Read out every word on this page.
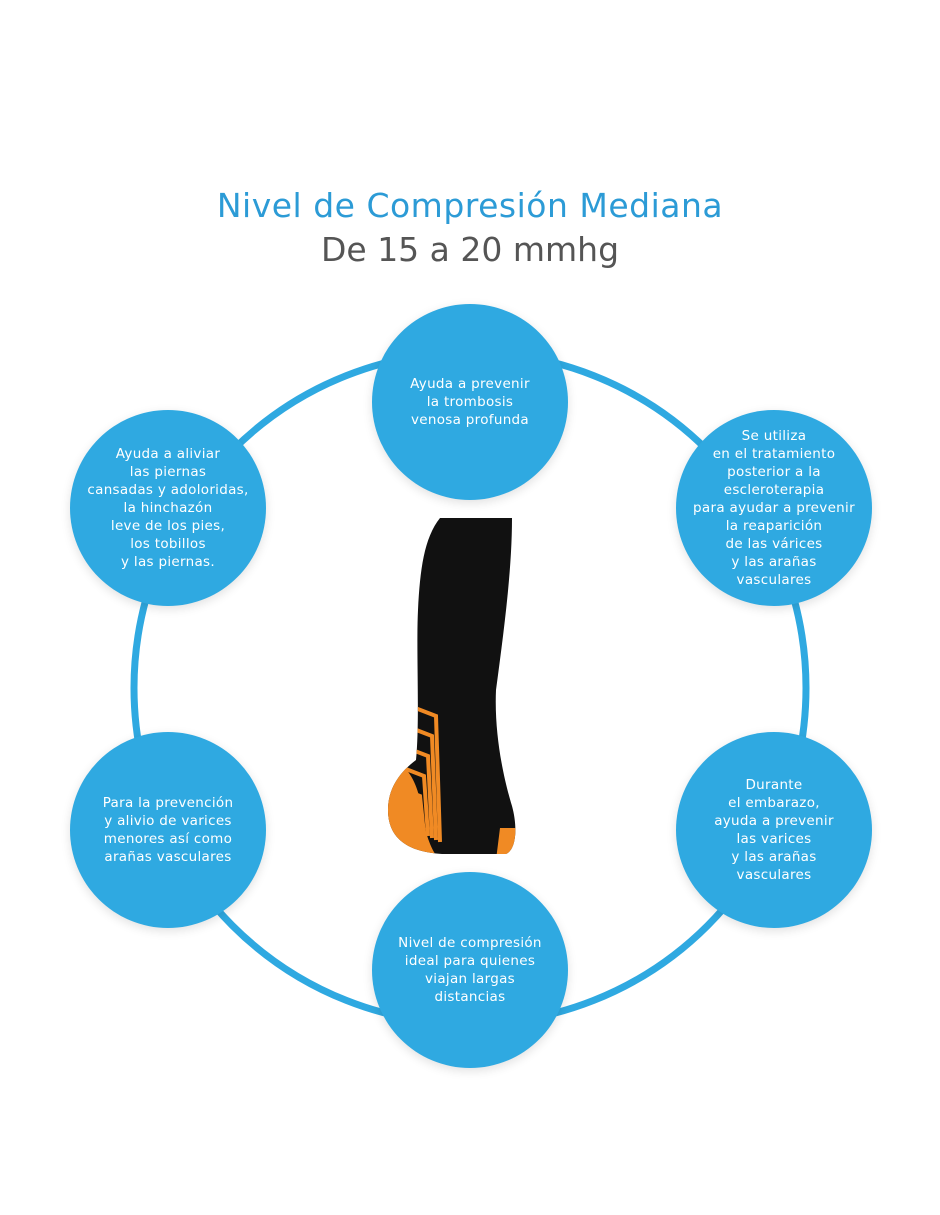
Nivel de Compresión Mediana
De 15 a 20 mmhg
Ayuda a prevenir
la trombosis
venosa profunda
Se utiliza
en el tratamiento
posterior a la
escleroterapia
para ayudar a prevenir
la reaparición
de las várices
y las arañas
vasculares
Durante
el embarazo,
ayuda a prevenir
las varices
y las arañas
vasculares
Nivel de compresión
ideal para quienes
viajan largas
distancias
Para la prevención
y alivio de varices
menores así como
arañas vasculares
Ayuda a aliviar
las piernas
cansadas y adoloridas,
la hinchazón
leve de los pies,
los tobillos
y las piernas.
